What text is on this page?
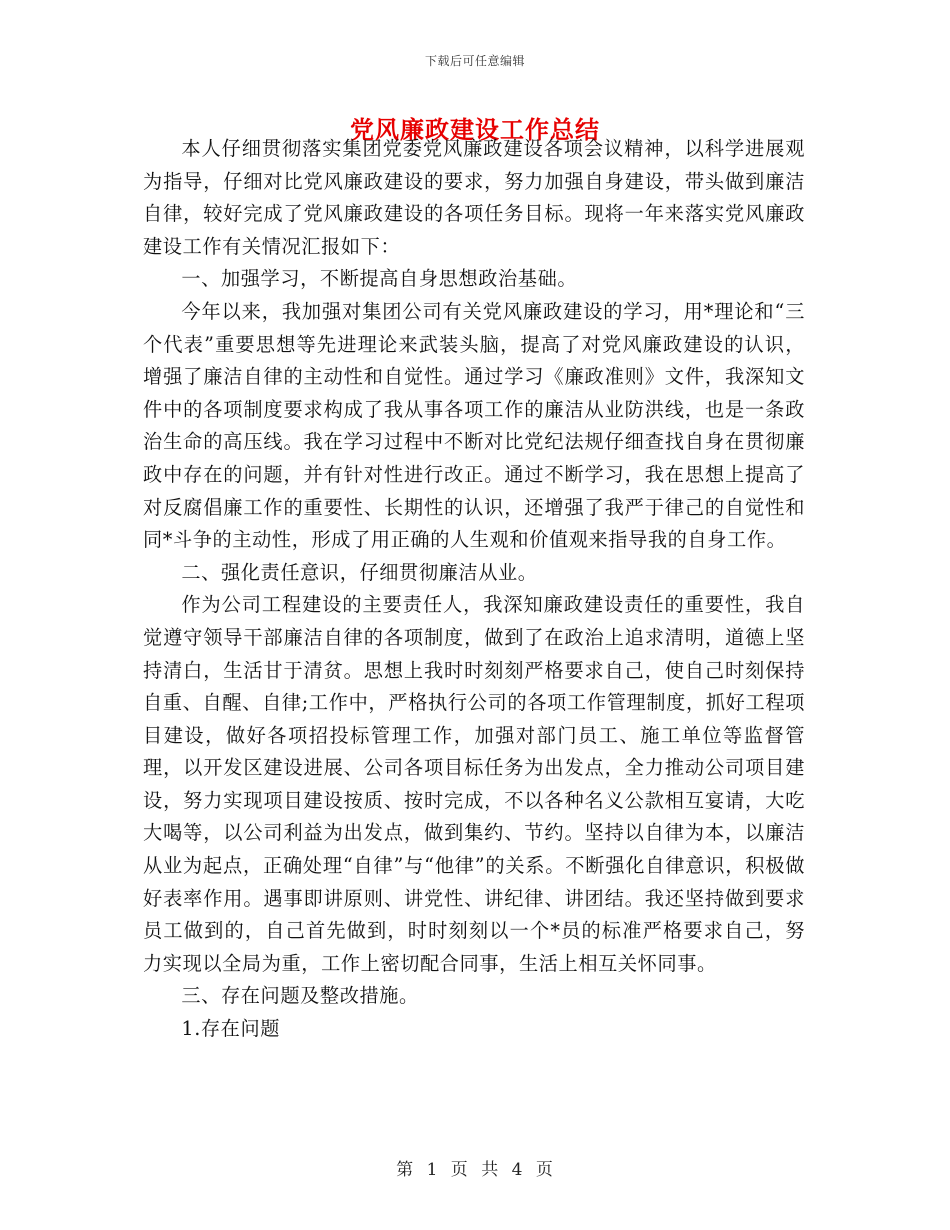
下载后可任意编辑
党风廉政建设工作总结

本人仔细贯彻落实集团党委党风廉政建设各项会议精神，以科学进展观为指导，仔细对比党风廉政建设的要求，努力加强自身建设，带头做到廉洁自律，较好完成了党风廉政建设的各项任务目标。现将一年来落实党风廉政建设工作有关情况汇报如下：

一、加强学习，不断提高自身思想政治基础。

今年以来，我加强对集团公司有关党风廉政建设的学习，用*理论和“三个代表”重要思想等先进理论来武装头脑，提高了对党风廉政建设的认识，增强了廉洁自律的主动性和自觉性。通过学习《廉政准则》文件，我深知文件中的各项制度要求构成了我从事各项工作的廉洁从业防洪线，也是一条政治生命的高压线。我在学习过程中不断对比党纪法规仔细查找自身在贯彻廉政中存在的问题，并有针对性进行改正。通过不断学习，我在思想上提高了对反腐倡廉工作的重要性、长期性的认识，还增强了我严于律己的自觉性和同*斗争的主动性，形成了用正确的人生观和价值观来指导我的自身工作。

二、强化责任意识，仔细贯彻廉洁从业。

作为公司工程建设的主要责任人，我深知廉政建设责任的重要性，我自觉遵守领导干部廉洁自律的各项制度，做到了在政治上追求清明，道德上坚持清白，生活甘于清贫。思想上我时时刻刻严格要求自己，使自己时刻保持自重、自醒、自律;工作中，严格执行公司的各项工作管理制度，抓好工程项目建设，做好各项招投标管理工作，加强对部门员工、施工单位等监督管理，以开发区建设进展、公司各项目标任务为出发点，全力推动公司项目建设，努力实现项目建设按质、按时完成，不以各种名义公款相互宴请，大吃大喝等，以公司利益为出发点，做到集约、节约。坚持以自律为本，以廉洁从业为起点，正确处理“自律”与“他律”的关系。不断强化自律意识，积极做好表率作用。遇事即讲原则、讲党性、讲纪律、讲团结。我还坚持做到要求员工做到的，自己首先做到，时时刻刻以一个*员的标准严格要求自己，努力实现以全局为重，工作上密切配合同事，生活上相互关怀同事。

三、存在问题及整改措施。

1.存在问题

第 1 页 共 4 页
